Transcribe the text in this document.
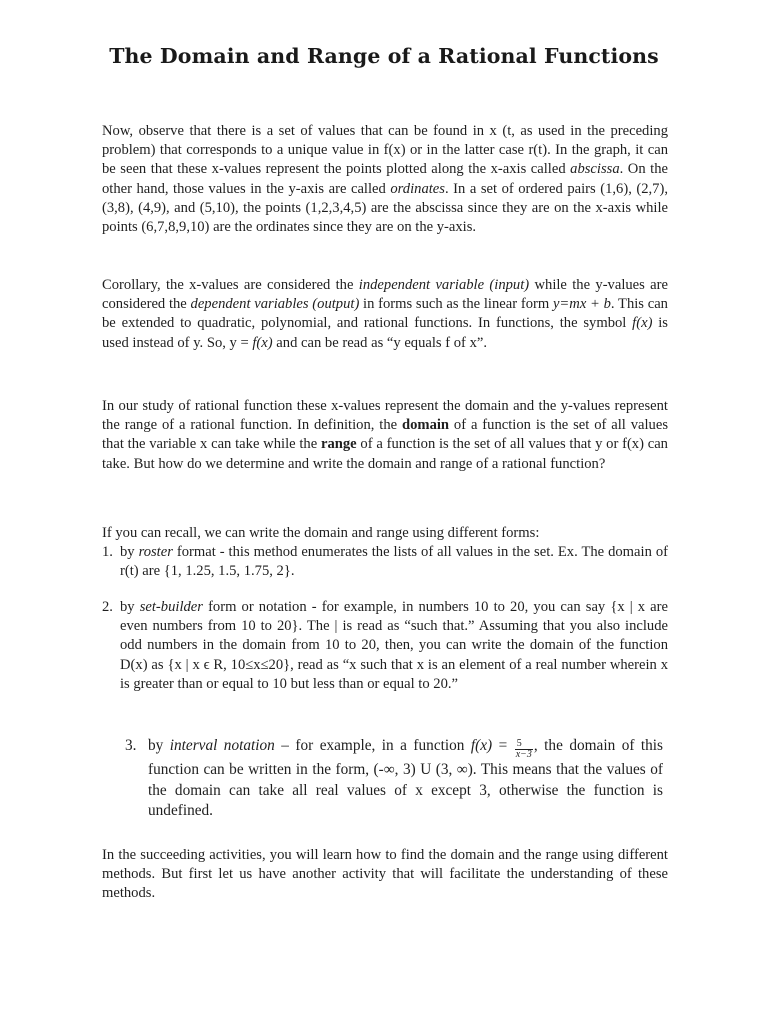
The Domain and Range of a Rational Functions

Now, observe that there is a set of values that can be found in x (t, as used in the preceding problem) that corresponds to a unique value in f(x) or in the latter case r(t). In the graph, it can be seen that these x-values represent the points plotted along the x-axis called abscissa. On the other hand, those values in the y-axis are called ordinates. In a set of ordered pairs (1,6), (2,7), (3,8), (4,9), and (5,10), the points (1,2,3,4,5) are the abscissa since they are on the x-axis while points (6,7,8,9,10) are the ordinates since they are on the y-axis.

Corollary, the x-values are considered the independent variable (input) while the y-values are considered the dependent variables (output) in forms such as the linear form y=mx + b. This can be extended to quadratic, polynomial, and rational functions. In functions, the symbol f(x) is used instead of y. So, y = f(x) and can be read as “y equals f of x”.

In our study of rational function these x-values represent the domain and the y-values represent the range of a rational function. In definition, the domain of a function is the set of all values that the variable x can take while the range of a function is the set of all values that y or f(x) can take. But how do we determine and write the domain and range of a rational function?

If you can recall, we can write the domain and range using different forms:

1. by roster format - this method enumerates the lists of all values in the set. Ex. The domain of r(t) are {1, 1.25, 1.5, 1.75, 2}.
2. by set-builder form or notation - for example, in numbers 10 to 20, you can say {x | x are even numbers from 10 to 20}. The | is read as “such that.” Assuming that you also include odd numbers in the domain from 10 to 20, then, you can write the domain of the function D(x) as {x | x ϵ R, 10≤x≤20}, read as “x such that x is an element of a real number wherein x is greater than or equal to 10 but less than or equal to 20.”
3. by interval notation – for example, in a function $f(x) = \frac{5}{x-3}$ , the domain of this function can be written in the form, (-∞, 3) U (3, ∞). This means that the values of the domain can take all real values of x except 3, otherwise the function is undefined.

In the succeeding activities, you will learn how to find the domain and the range using different methods. But first let us have another activity that will facilitate the understanding of these methods.
